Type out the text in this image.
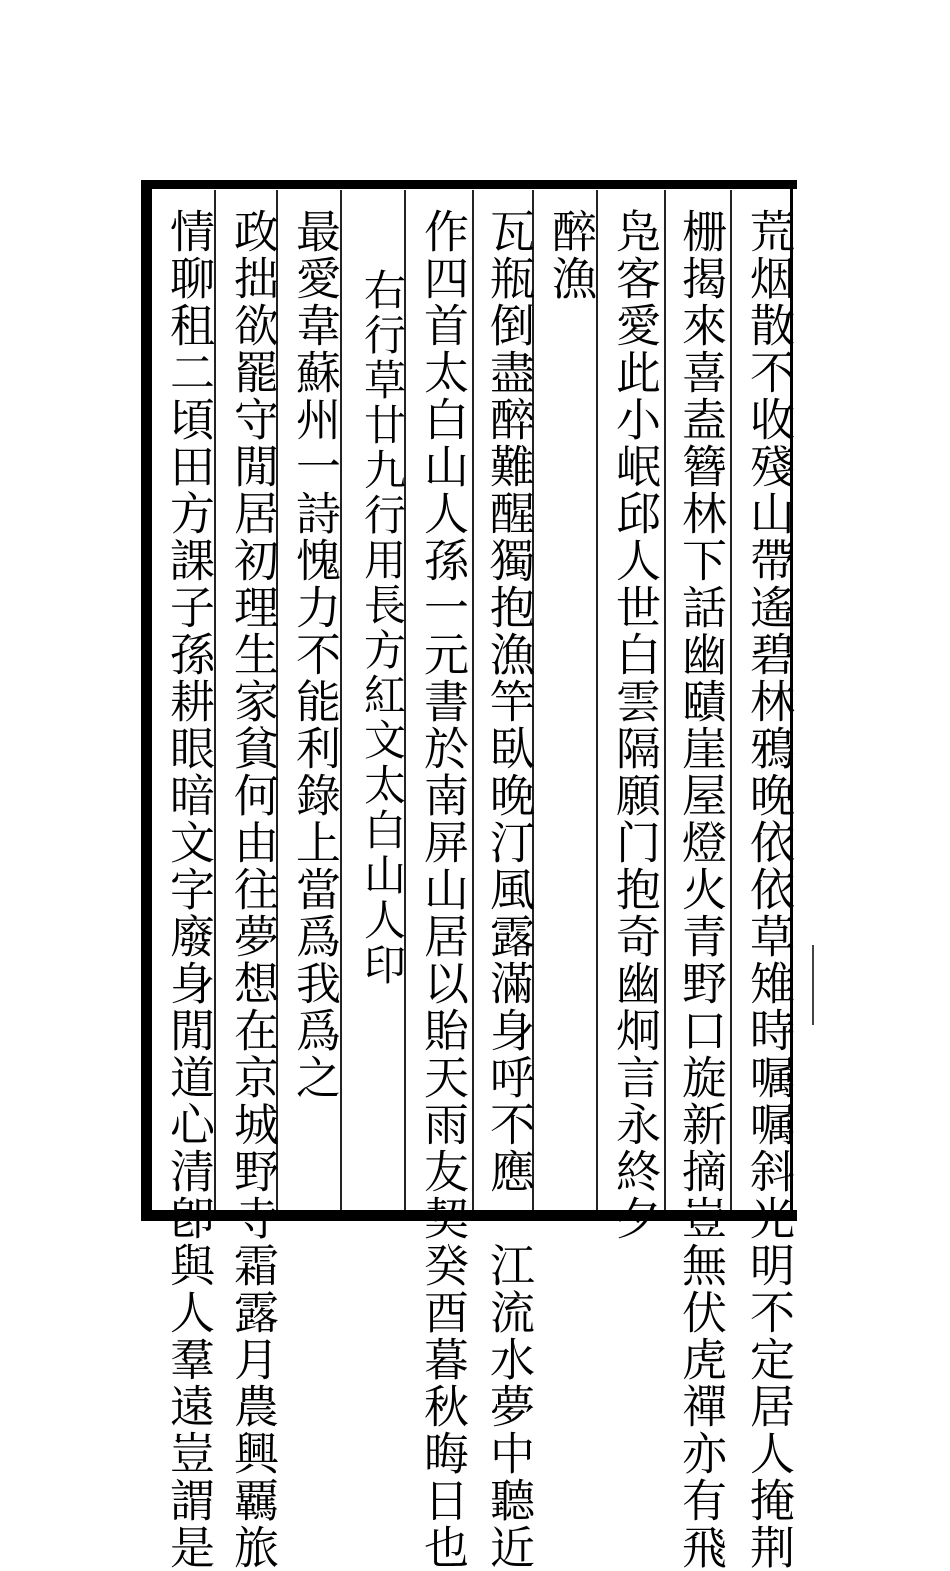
荒烟散不收殘山帶遙碧林鴉晚依依草雉時嘱嘱斜光明不定居人掩荆
栅揭來喜盍簪林下話幽賾崖屋燈火青野口旋新摘豈無伏虎禪亦有飛
凫客愛此小岷邱人世白雲隔願门抱奇幽炯言永終夕
醉漁
瓦瓶倒盡醉難醒獨抱漁竿臥晚汀風露滿身呼不應一江流水夢中聽近
作四首太白山人孫一元書於南屏山居以貽天雨友契癸酉暮秋晦日也
右行草廿九行用長方紅文太白山人印
最愛韋蘇州一詩愧力不能利錄上當爲我爲之
政拙欲罷守閒居初理生家貧何由往夢想在京城野寺霜露月農興覊旅
情聊租二頃田方課子孫耕眼暗文字廢身閒道心清卽與人羣遠豈謂是
